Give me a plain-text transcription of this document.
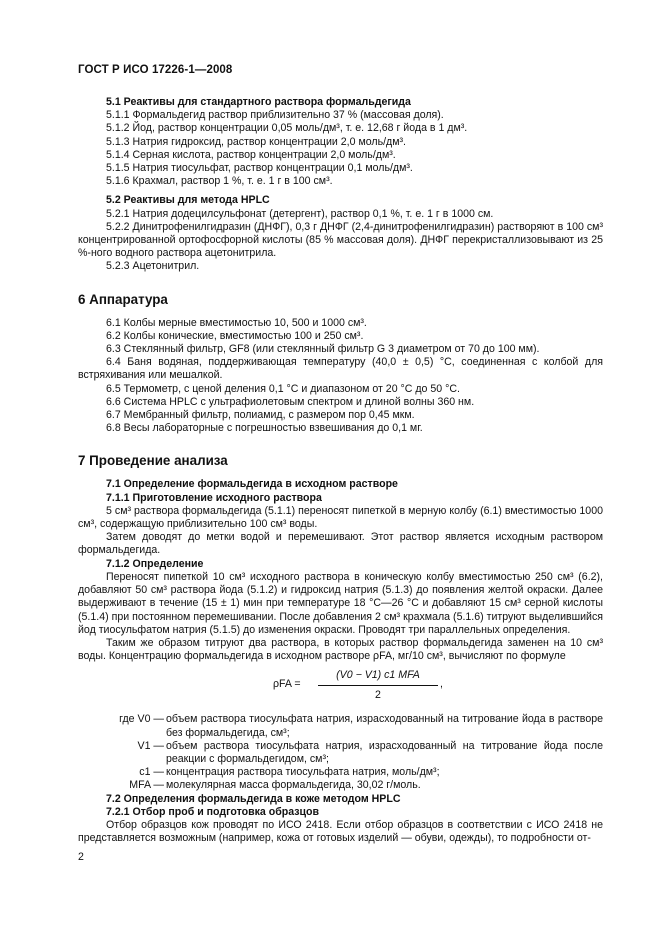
ГОСТ Р ИСО 17226-1—2008

5.1 Реактивы для стандартного раствора формальдегида

5.1.1 Формальдегид раствор приблизительно 37 % (массовая доля).

5.1.2 Йод, раствор концентрации 0,05 моль/дм³, т. е. 12,68 г йода в 1 дм³.

5.1.3 Натрия гидроксид, раствор концентрации 2,0 моль/дм³.

5.1.4 Серная кислота, раствор концентрации 2,0 моль/дм³.

5.1.5 Натрия тиосульфат, раствор концентрации 0,1 моль/дм³.

5.1.6 Крахмал, раствор 1 %, т. е. 1 г в 100 см³.

5.2 Реактивы для метода HPLC

5.2.1 Натрия додецилсульфонат (детергент), раствор 0,1 %, т. е. 1 г в 1000 см.

5.2.2 Динитрофенилгидразин (ДНФГ), 0,3 г ДНФГ (2,4-динитрофенилгидразин) растворяют в 100 см³ концентрированной ортофосфорной кислоты (85 % массовая доля). ДНФГ перекристаллизовывают из 25 %-ного водного раствора ацетонитрила.

5.2.3 Ацетонитрил.

6 Аппаратура

6.1 Колбы мерные вместимостью 10, 500 и 1000 см³.

6.2 Колбы конические, вместимостью 100 и 250 см³.

6.3 Стеклянный фильтр, GF8 (или стеклянный фильтр G 3 диаметром от 70 до 100 мм).

6.4 Баня водяная, поддерживающая температуру (40,0 ± 0,5) °С, соединенная с колбой для встряхивания или мешалкой.

6.5 Термометр, с ценой деления 0,1 °С и диапазоном от 20 °С до 50 °С.

6.6 Система HPLC с ультрафиолетовым спектром и длиной волны 360 нм.

6.7 Мембранный фильтр, полиамид, с размером пор 0,45 мкм.

6.8 Весы лабораторные с погрешностью взвешивания до 0,1 мг.

7 Проведение анализа

7.1 Определение формальдегида в исходном растворе

7.1.1 Приготовление исходного раствора

5 см³ раствора формальдегида (5.1.1) переносят пипеткой в мерную колбу (6.1) вместимостью 1000 см³, содержащую приблизительно 100 см³ воды.

Затем доводят до метки водой и перемешивают. Этот раствор является исходным раствором формальдегида.

7.1.2 Определение

Переносят пипеткой 10 см³ исходного раствора в коническую колбу вместимостью 250 см³ (6.2), добавляют 50 см³ раствора йода (5.1.2) и гидроксид натрия (5.1.3) до появления желтой окраски. Далее выдерживают в течение (15 ± 1) мин при температуре 18 °С—26 °С и добавляют 15 см³ серной кислоты (5.1.4) при постоянном перемешивании. После добавления 2 см³ крахмала (5.1.6) титруют выделившийся йод тиосульфатом натрия (5.1.5) до изменения окраски. Проводят три параллельных определения.

Таким же образом титруют два раствора, в которых раствор формальдегида заменен на 10 см³ воды. Концентрацию формальдегида в исходном растворе ρFA, мг/10 см³, вычисляют по формуле

ρFA =
(V0 − V1) c1 MFA
2
,
где V0 — объем раствора тиосульфата натрия, израсходованный на титрование йода в растворе без формальдегида, см³;
V1 — объем раствора тиосульфата натрия, израсходованный на титрование йода после реакции с формальдегидом, см³;
c1 — концентрация раствора тиосульфата натрия, моль/дм³;
MFA — молекулярная масса формальдегида, 30,02 г/моль.

7.2 Определения формальдегида в коже методом HPLC

7.2.1 Отбор проб и подготовка образцов

Отбор образцов кож проводят по ИСО 2418. Если отбор образцов в соответствии с ИСО 2418 не представляется возможным (например, кожа от готовых изделий — обуви, одежды), то подробности от-

2
